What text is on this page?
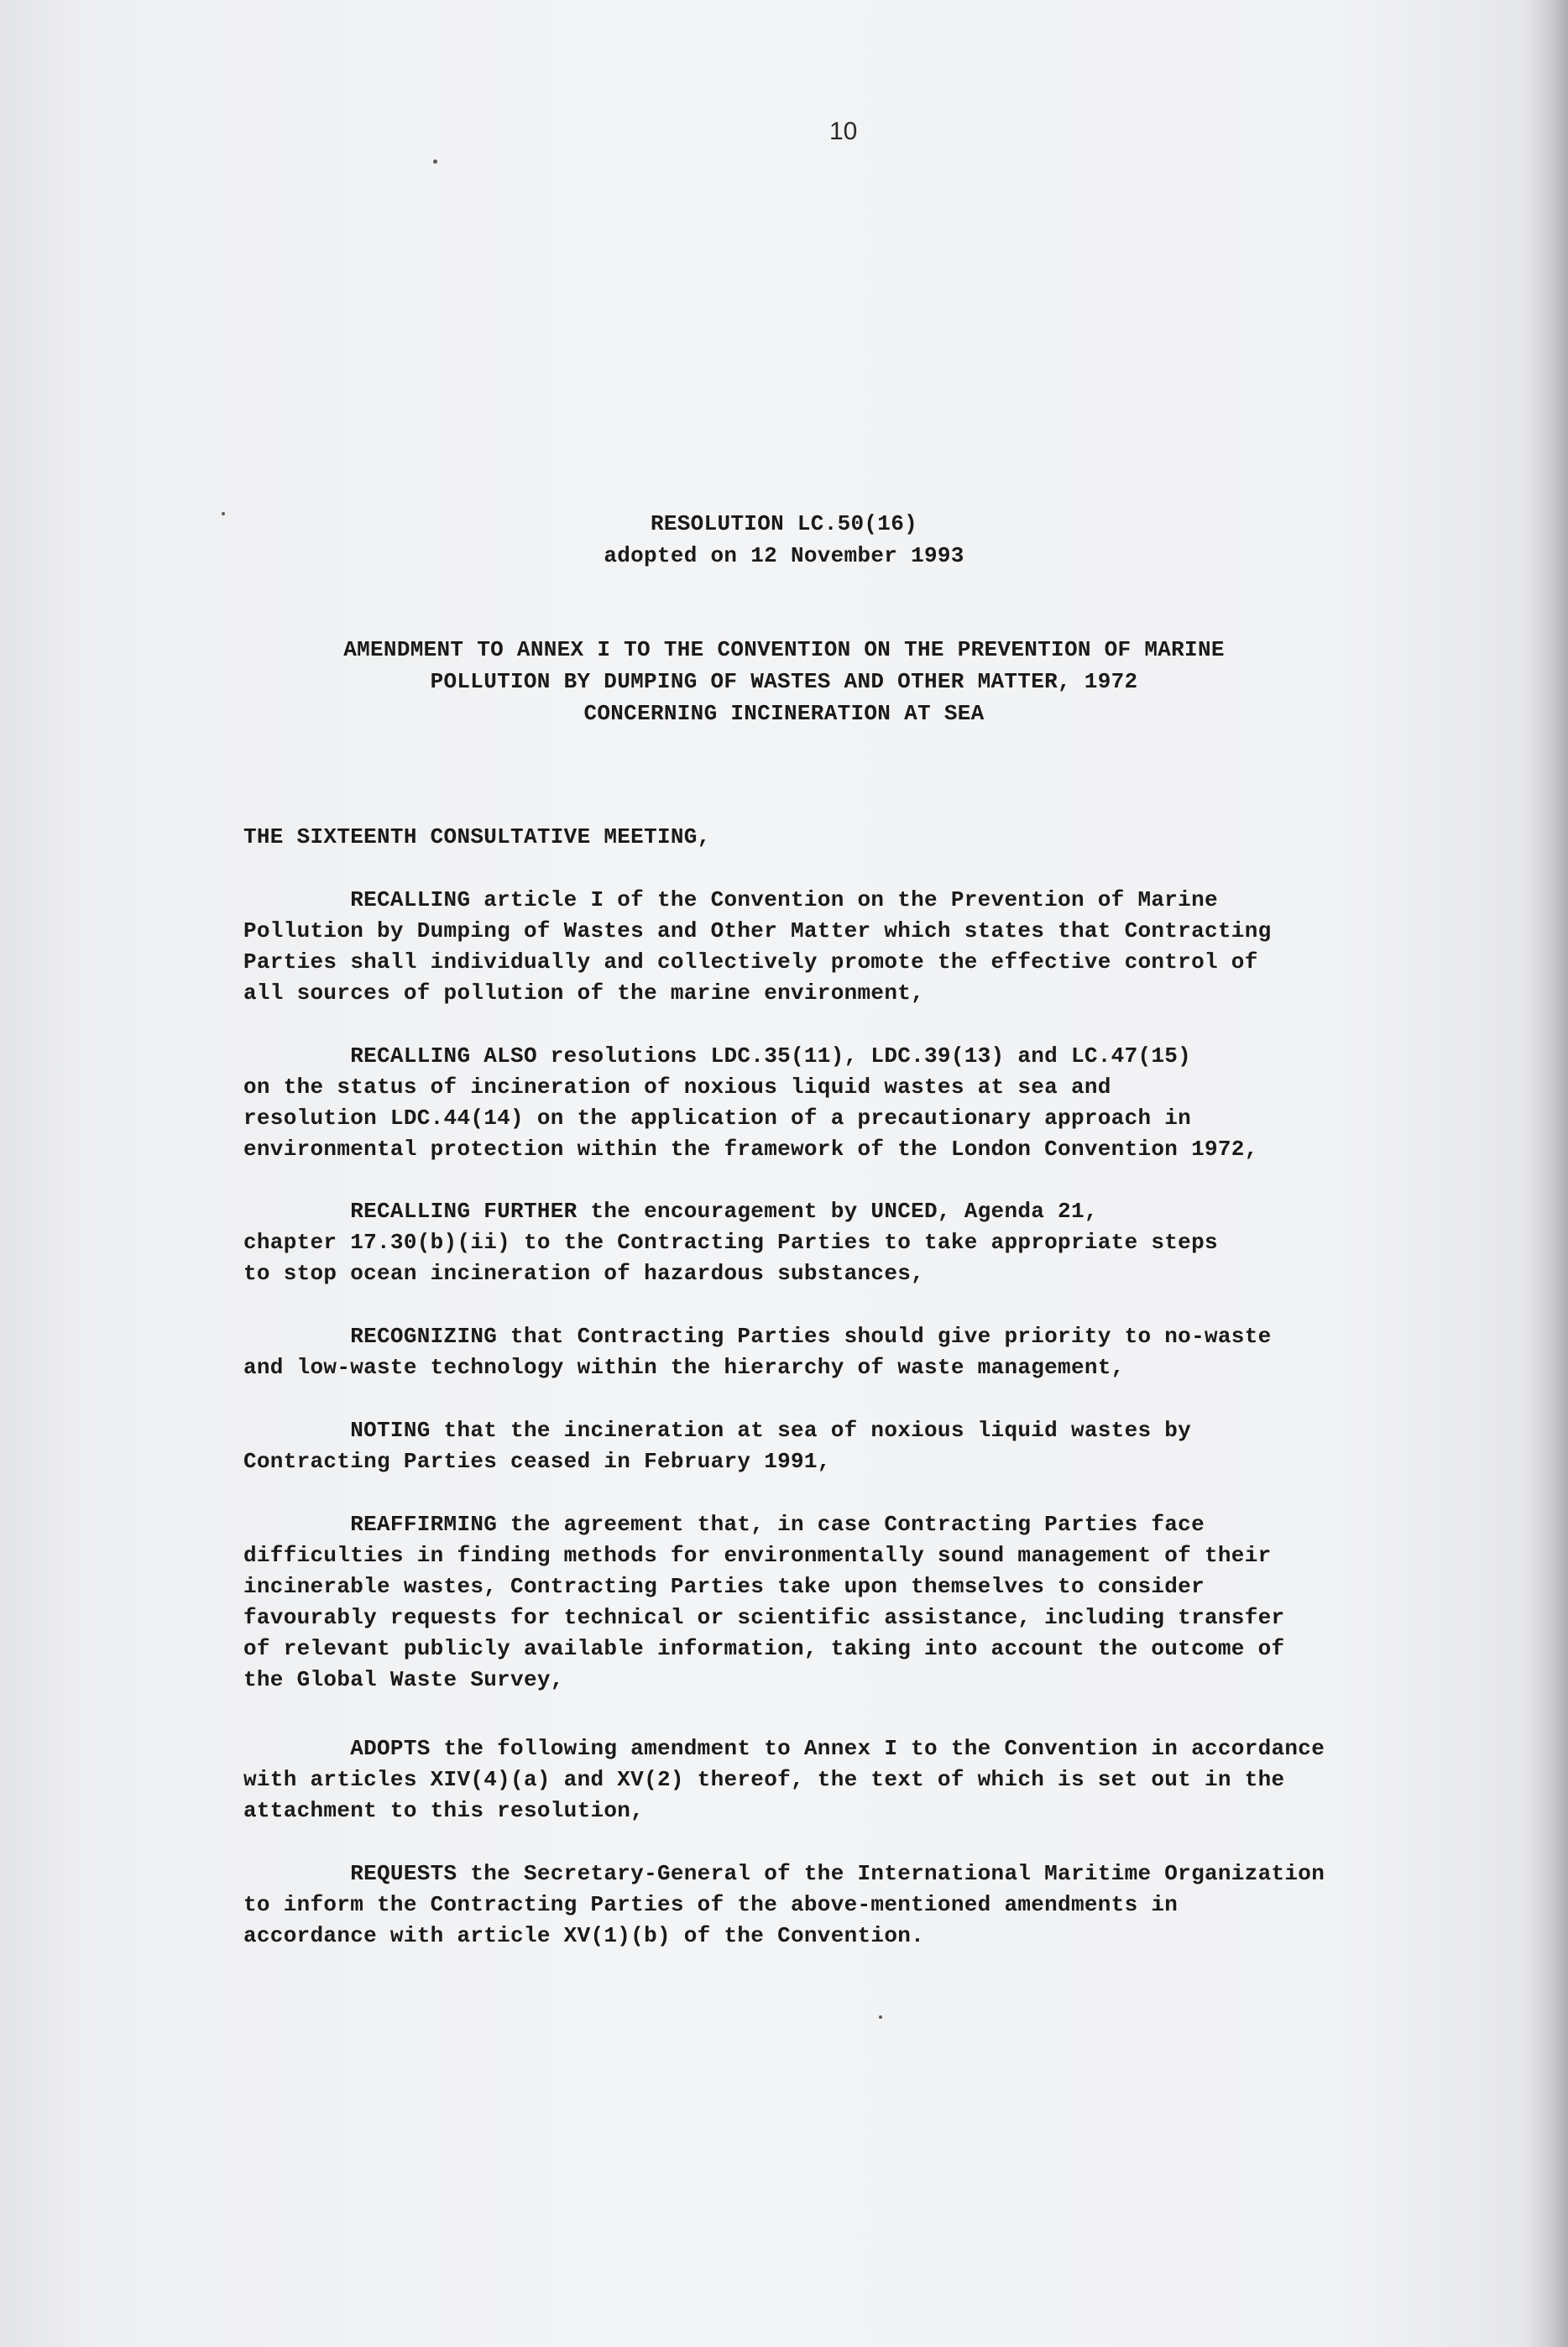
10
RESOLUTION LC.50(16)
adopted on 12 November 1993
AMENDMENT TO ANNEX I TO THE CONVENTION ON THE PREVENTION OF MARINE
POLLUTION BY DUMPING OF WASTES AND OTHER MATTER, 1972
CONCERNING INCINERATION AT SEA
THE SIXTEENTH CONSULTATIVE MEETING,
RECALLING article I of the Convention on the Prevention of Marine
Pollution by Dumping of Wastes and Other Matter which states that Contracting
Parties shall individually and collectively promote the effective control of
all sources of pollution of the marine environment,
RECALLING ALSO resolutions LDC.35(11), LDC.39(13) and LC.47(15)
on the status of incineration of noxious liquid wastes at sea and
resolution LDC.44(14) on the application of a precautionary approach in
environmental protection within the framework of the London Convention 1972,
RECALLING FURTHER the encouragement by UNCED, Agenda 21,
chapter 17.30(b)(ii) to the Contracting Parties to take appropriate steps
to stop ocean incineration of hazardous substances,
RECOGNIZING that Contracting Parties should give priority to no-waste
and low-waste technology within the hierarchy of waste management,
NOTING that the incineration at sea of noxious liquid wastes by
Contracting Parties ceased in February 1991,
REAFFIRMING the agreement that, in case Contracting Parties face
difficulties in finding methods for environmentally sound management of their
incinerable wastes, Contracting Parties take upon themselves to consider
favourably requests for technical or scientific assistance, including transfer
of relevant publicly available information, taking into account the outcome of
the Global Waste Survey,
ADOPTS the following amendment to Annex I to the Convention in accordance
with articles XIV(4)(a) and XV(2) thereof, the text of which is set out in the
attachment to this resolution,
REQUESTS the Secretary-General of the International Maritime Organization
to inform the Contracting Parties of the above-mentioned amendments in
accordance with article XV(1)(b) of the Convention.
